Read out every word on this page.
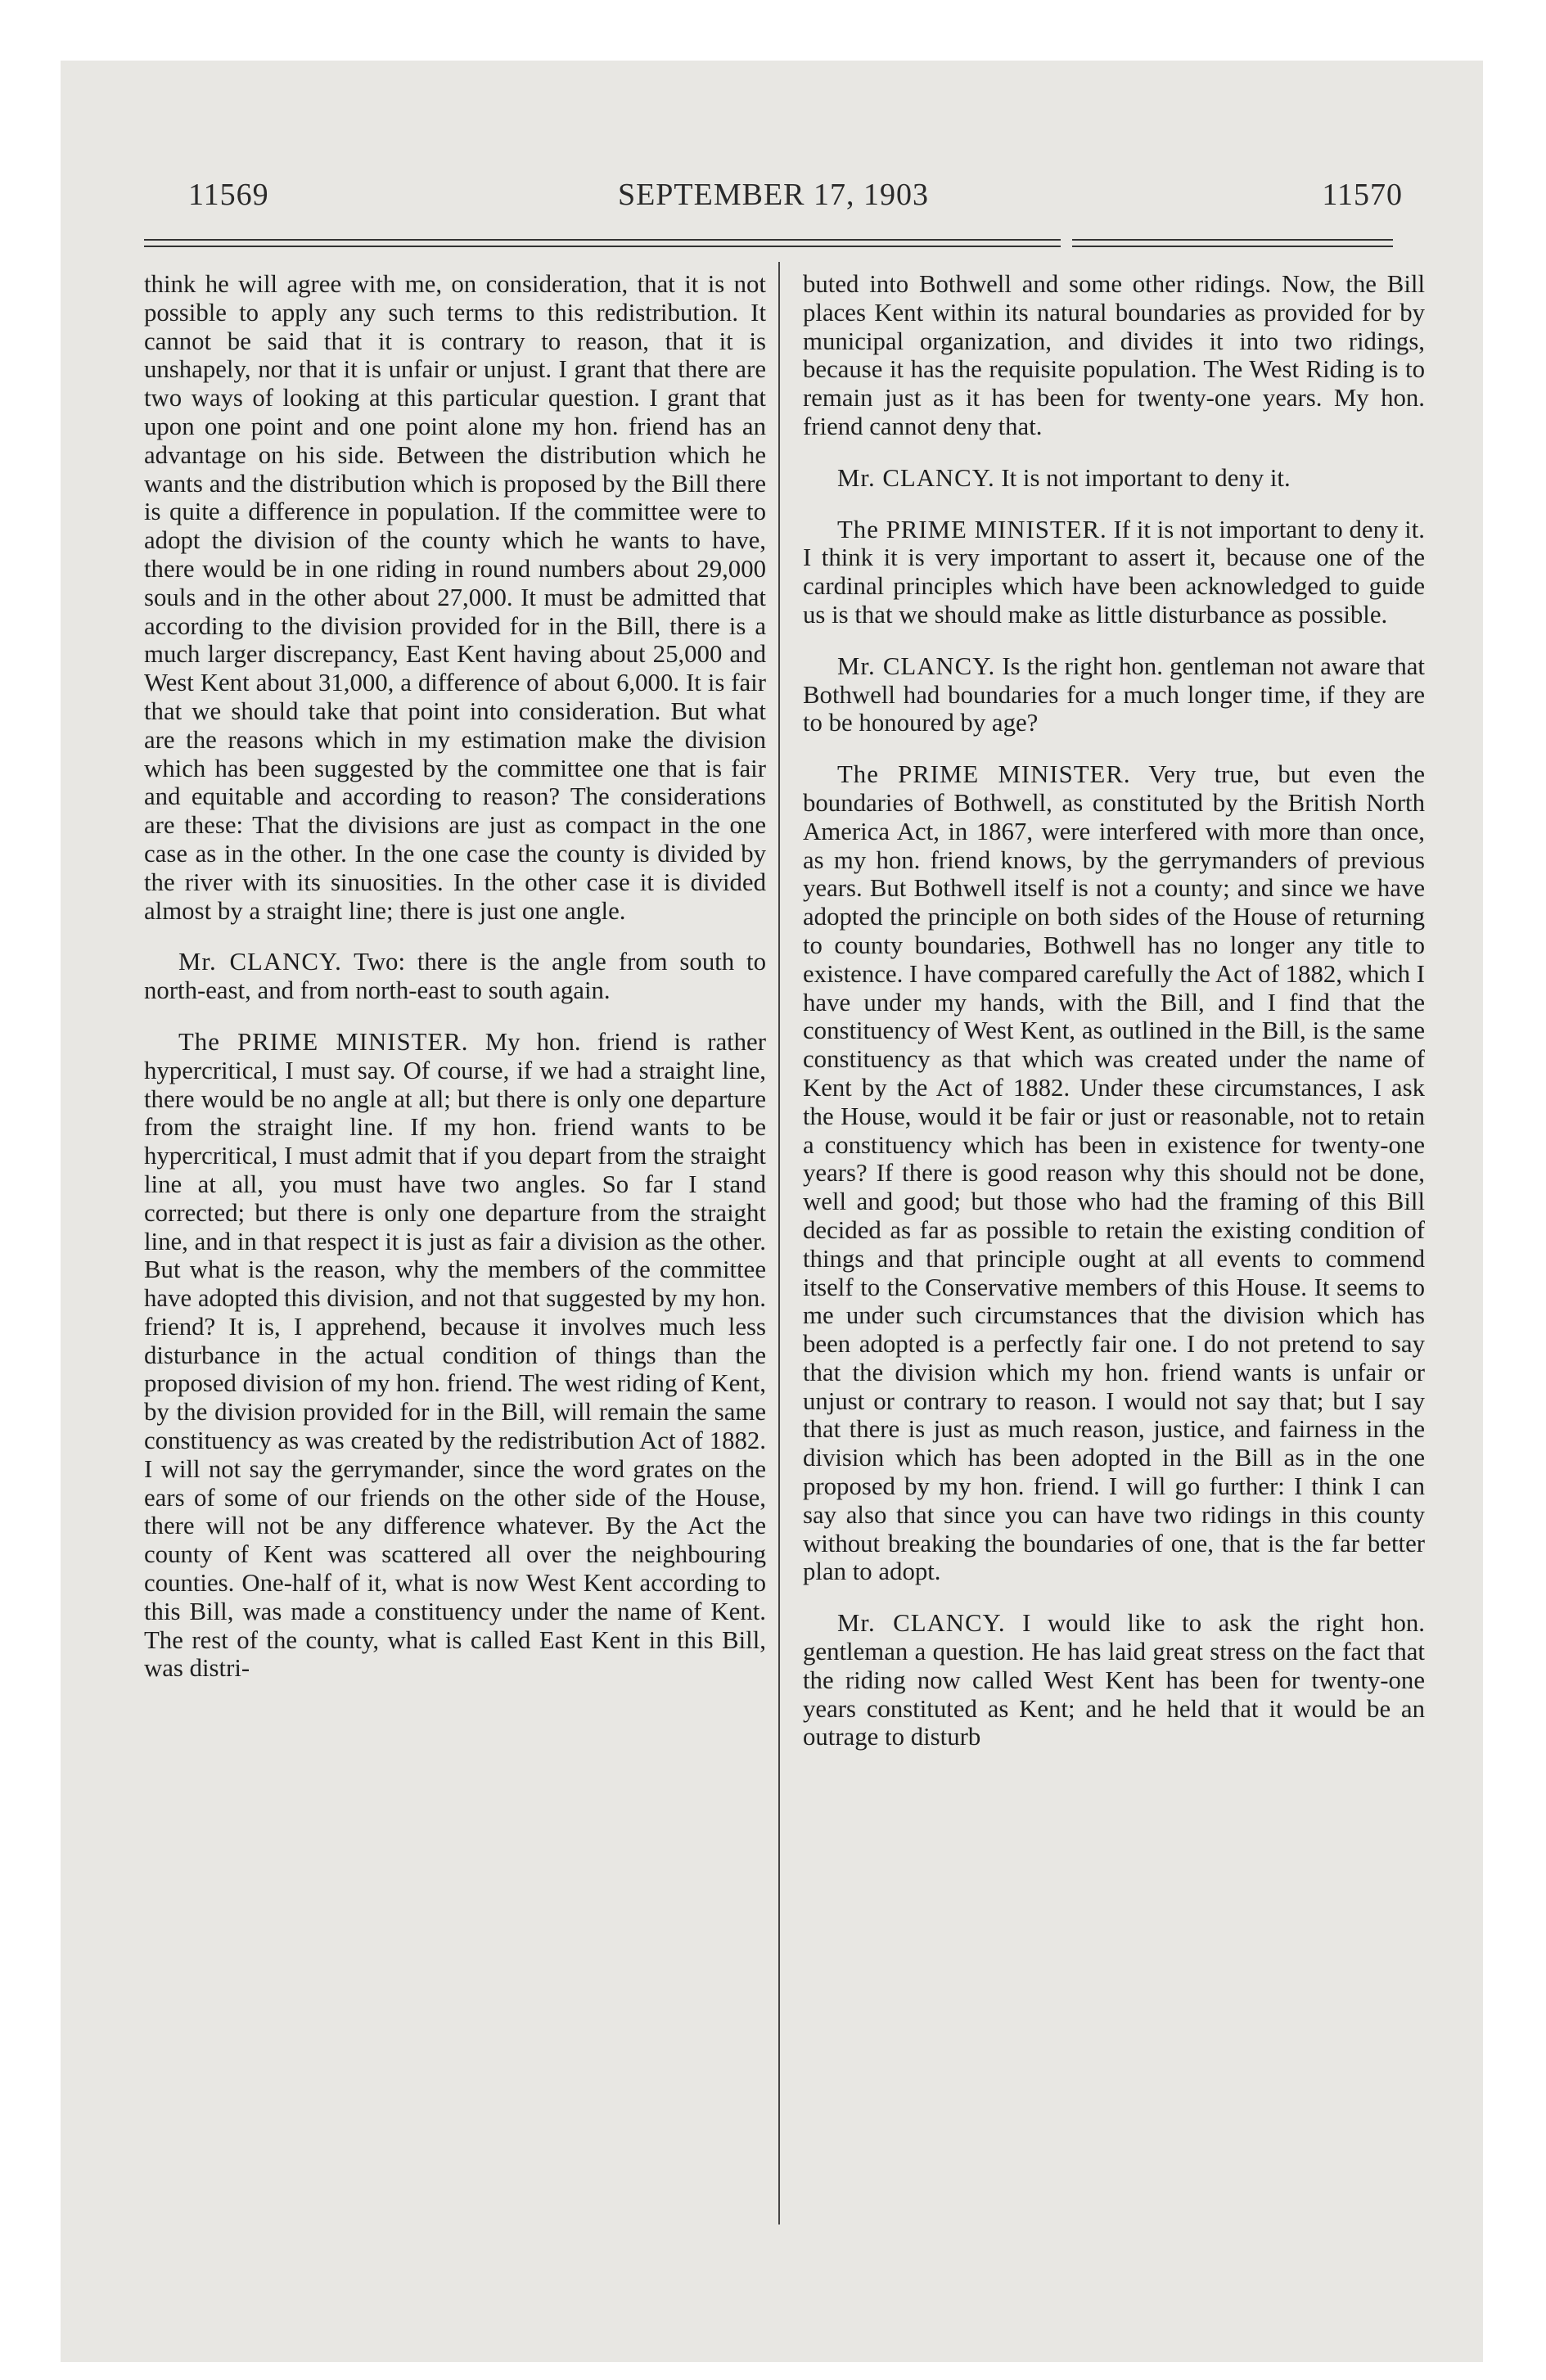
11569	SEPTEMBER 17, 1903	11570

think he will agree with me, on consideration, that it is not possible to apply any such terms to this redistribution. It cannot be said that it is contrary to reason, that it is unshapely, nor that it is unfair or unjust. I grant that there are two ways of looking at this particular question. I grant that upon one point and one point alone my hon. friend has an advantage on his side. Between the distribution which he wants and the distribution which is proposed by the Bill there is quite a difference in population. If the committee were to adopt the division of the county which he wants to have, there would be in one riding in round numbers about 29,000 souls and in the other about 27,000. It must be admitted that according to the division provided for in the Bill, there is a much larger discrepancy, East Kent having about 25,000 and West Kent about 31,000, a difference of about 6,000. It is fair that we should take that point into consideration. But what are the reasons which in my estimation make the division which has been suggested by the committee one that is fair and equitable and according to reason? The considerations are these: That the divisions are just as compact in the one case as in the other. In the one case the county is divided by the river with its sinuosities. In the other case it is divided almost by a straight line; there is just one angle.

Mr. CLANCY. Two: there is the angle from south to north-east, and from north-east to south again.

The PRIME MINISTER. My hon. friend is rather hypercritical, I must say. Of course, if we had a straight line, there would be no angle at all; but there is only one departure from the straight line. If my hon. friend wants to be hypercritical, I must admit that if you depart from the straight line at all, you must have two angles. So far I stand corrected; but there is only one departure from the straight line, and in that respect it is just as fair a division as the other. But what is the reason, why the members of the committee have adopted this division, and not that suggested by my hon. friend? It is, I apprehend, because it involves much less disturbance in the actual condition of things than the proposed division of my hon. friend. The west riding of Kent, by the division provided for in the Bill, will remain the same constituency as was created by the redistribution Act of 1882. I will not say the gerrymander, since the word grates on the ears of some of our friends on the other side of the House, there will not be any difference whatever. By the Act the county of Kent was scattered all over the neighbouring counties. One-half of it, what is now West Kent according to this Bill, was made a constituency under the name of Kent. The rest of the county, what is called East Kent in this Bill, was distri-

buted into Bothwell and some other ridings. Now, the Bill places Kent within its natural boundaries as provided for by municipal organization, and divides it into two ridings, because it has the requisite population. The West Riding is to remain just as it has been for twenty-one years. My hon. friend cannot deny that.

Mr. CLANCY. It is not important to deny it.

The PRIME MINISTER. If it is not important to deny it. I think it is very important to assert it, because one of the cardinal principles which have been acknowledged to guide us is that we should make as little disturbance as possible.

Mr. CLANCY. Is the right hon. gentleman not aware that Bothwell had boundaries for a much longer time, if they are to be honoured by age?

The PRIME MINISTER. Very true, but even the boundaries of Bothwell, as constituted by the British North America Act, in 1867, were interfered with more than once, as my hon. friend knows, by the gerrymanders of previous years. But Bothwell itself is not a county; and since we have adopted the principle on both sides of the House of returning to county boundaries, Bothwell has no longer any title to existence. I have compared carefully the Act of 1882, which I have under my hands, with the Bill, and I find that the constituency of West Kent, as outlined in the Bill, is the same constituency as that which was created under the name of Kent by the Act of 1882. Under these circumstances, I ask the House, would it be fair or just or reasonable, not to retain a constituency which has been in existence for twenty-one years? If there is good reason why this should not be done, well and good; but those who had the framing of this Bill decided as far as possible to retain the existing condition of things and that principle ought at all events to commend itself to the Conservative members of this House. It seems to me under such circumstances that the division which has been adopted is a perfectly fair one. I do not pretend to say that the division which my hon. friend wants is unfair or unjust or contrary to reason. I would not say that; but I say that there is just as much reason, justice, and fairness in the division which has been adopted in the Bill as in the one proposed by my hon. friend. I will go further: I think I can say also that since you can have two ridings in this county without breaking the boundaries of one, that is the far better plan to adopt.

Mr. CLANCY. I would like to ask the right hon. gentleman a question. He has laid great stress on the fact that the riding now called West Kent has been for twenty-one years constituted as Kent; and he held that it would be an outrage to disturb
